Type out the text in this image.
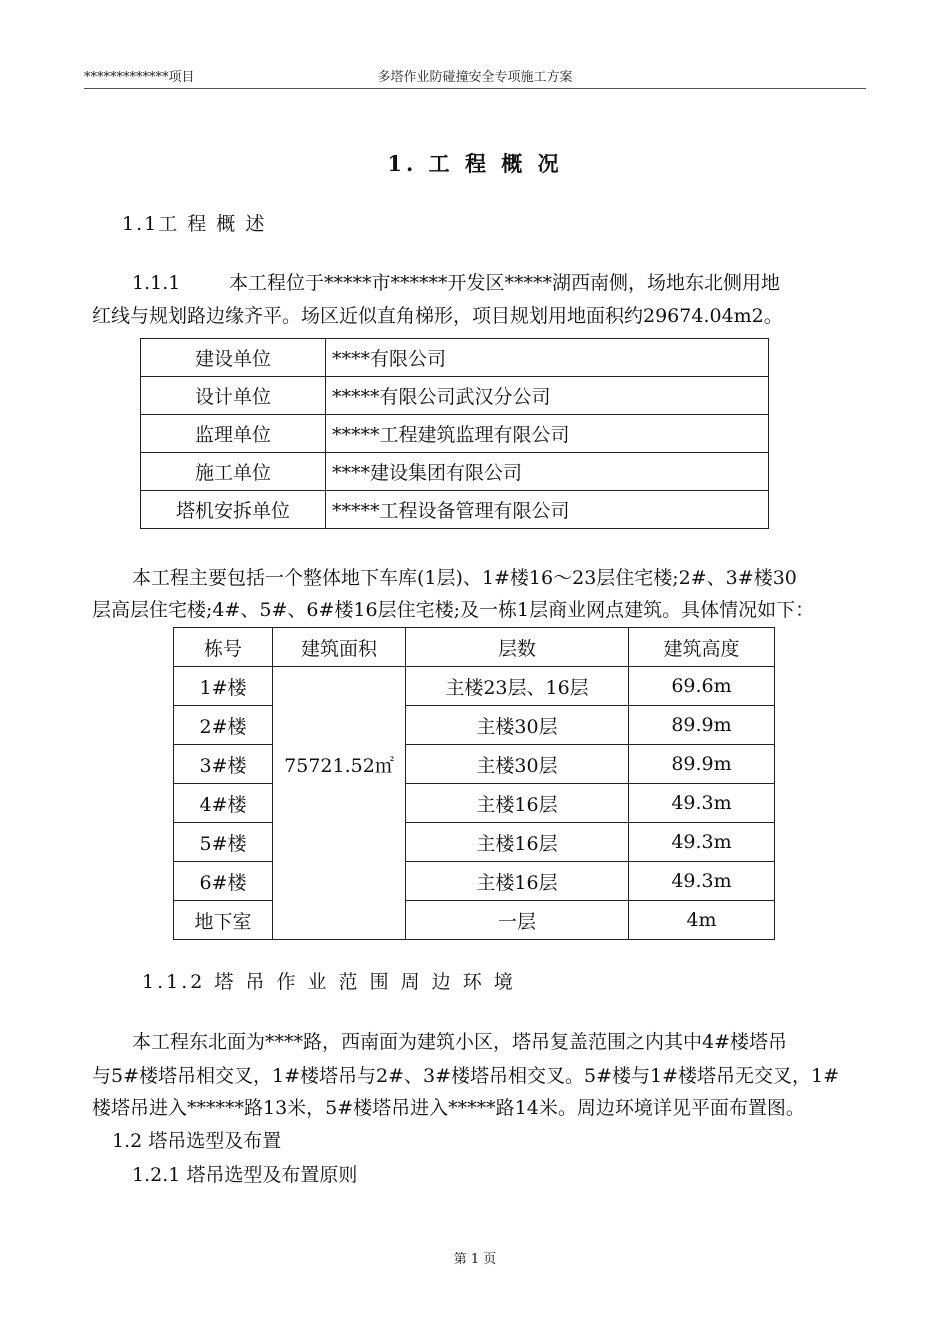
*************项目	多塔作业防碰撞安全专项施工方案
1. 工 程 概 况
1.1工 程 概 述
1.1.1	本工程位于*****市******开发区*****湖西南侧，场地东北侧用地
红线与规划路边缘齐平。场区近似直角梯形，项目规划用地面积约29674.04m2。
建设单位	****有限公司
设计单位	*****有限公司武汉分公司
监理单位	*****工程建筑监理有限公司
施工单位	****建设集团有限公司
塔机安拆单位	*****工程设备管理有限公司
本工程主要包括一个整体地下车库(1层)、1#楼16～23层住宅楼;2#、3#楼30
层高层住宅楼;4#、5#、6#楼16层住宅楼;及一栋1层商业网点建筑。具体情况如下：
栋号	建筑面积	层数	建筑高度
1#楼	75721.52㎡	主楼23层、16层	69.6m
2#楼		主楼30层	89.9m
3#楼		主楼30层	89.9m
4#楼		主楼16层	49.3m
5#楼		主楼16层	49.3m
6#楼		主楼16层	49.3m
地下室		一层	4m
1.1.2 塔 吊 作 业 范 围 周 边 环 境
本工程东北面为****路，西南面为建筑小区，塔吊复盖范围之内其中4#楼塔吊
与5#楼塔吊相交叉，1#楼塔吊与2#、3#楼塔吊相交叉。5#楼与1#楼塔吊无交叉，1#
楼塔吊进入******路13米，5#楼塔吊进入*****路14米。周边环境详见平面布置图。
1.2 塔吊选型及布置
1.2.1 塔吊选型及布置原则
第 1 页
